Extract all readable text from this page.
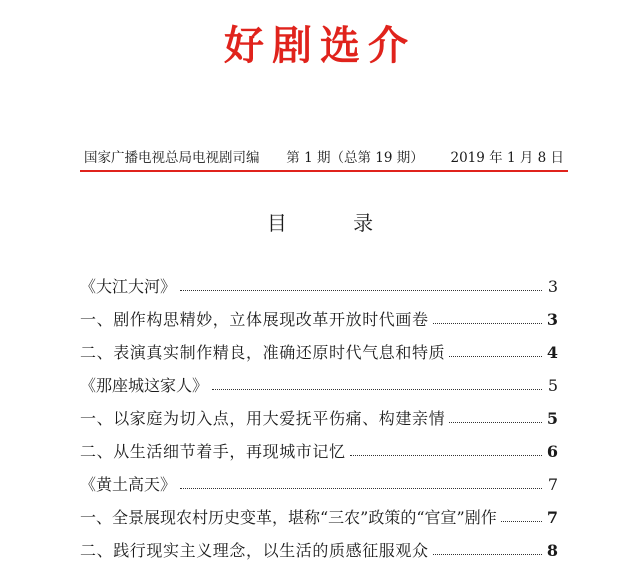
好剧选介
国家广播电视总局电视剧司编 第 1 期（总第 19 期） 2019 年 1 月 8 日
目 录
《大江大河》	3
一、剧作构思精妙，立体展现改革开放时代画卷	3
二、表演真实制作精良，准确还原时代气息和特质	4
《那座城这家人》	5
一、以家庭为切入点，用大爱抚平伤痛、构建亲情	5
二、从生活细节着手，再现城市记忆	6
《黄土高天》	7
一、全景展现农村历史变革，堪称“三农”政策的“官宣”剧作	7
二、践行现实主义理念，以生活的质感征服观众	8
